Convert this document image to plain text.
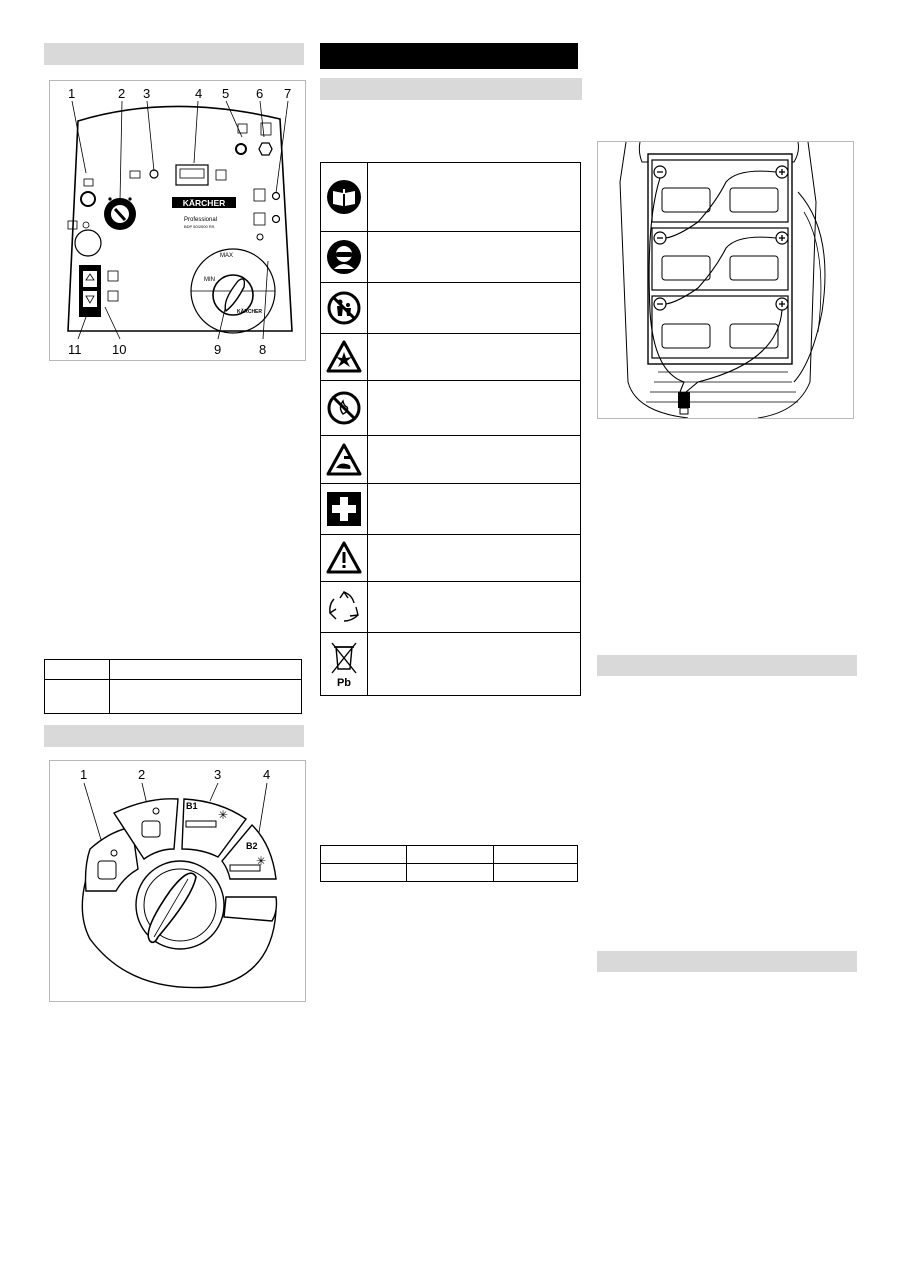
1	2 3	4 5 6 7
8
9
10
11
KÄRCHER
Professional
BDP 50/2000 RS
MAX
MIN
KÄRCHER

1	2	3	4
B1
B2
✳
✳
Pb
